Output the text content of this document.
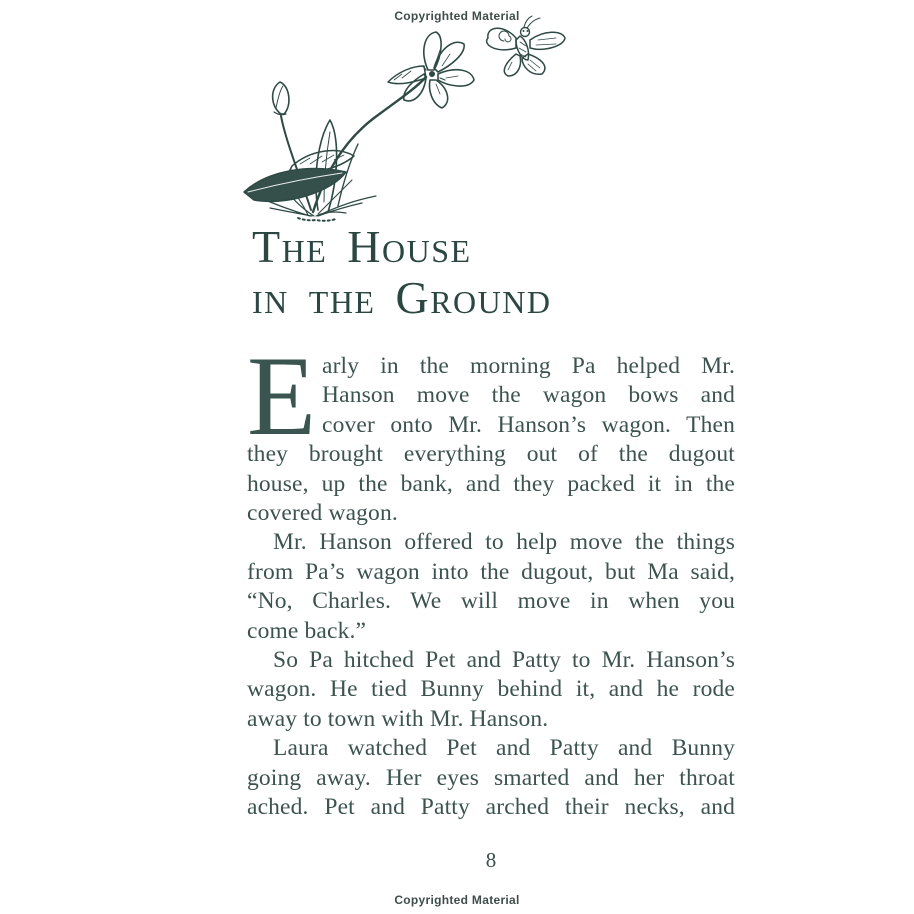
Copyrighted Material
The House
in the Ground
E arly in the morning Pa helped Mr.
Hanson move the wagon bows and
cover onto Mr. Hanson’s wagon. Then
they brought everything out of the dugout
house, up the bank, and they packed it in the
covered wagon.
Mr. Hanson offered to help move the things
from Pa’s wagon into the dugout, but Ma said,
“No, Charles. We will move in when you
come back.”
So Pa hitched Pet and Patty to Mr. Hanson’s
wagon. He tied Bunny behind it, and he rode
away to town with Mr. Hanson.
Laura watched Pet and Patty and Bunny
going away. Her eyes smarted and her throat
ached. Pet and Patty arched their necks, and
8
Copyrighted Material
